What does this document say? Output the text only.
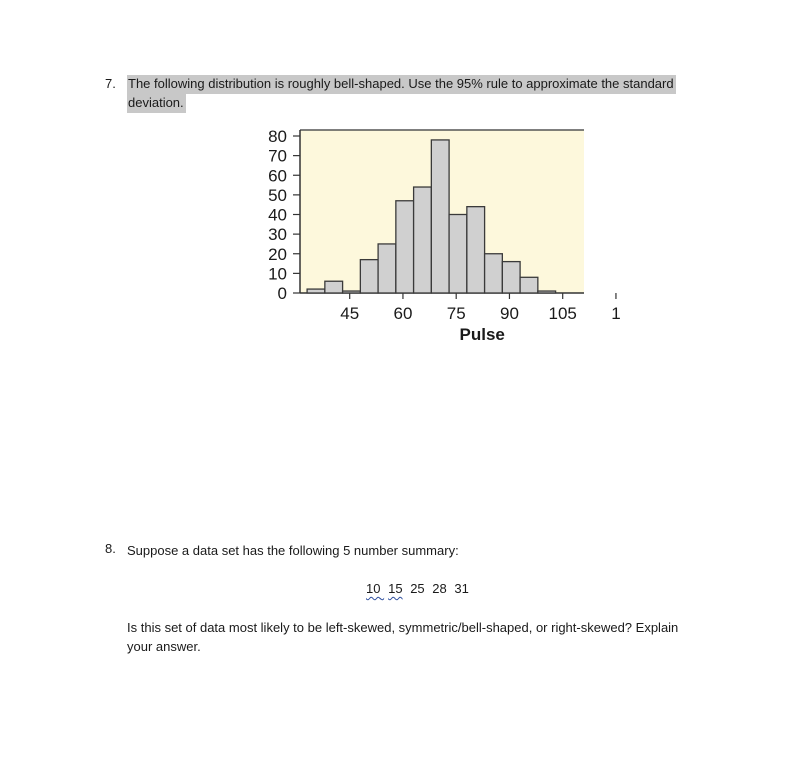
7. The following distribution is roughly bell-shaped. Use the 95% rule to approximate the standard deviation.
80
70
60
50
40
30
20
10
0
45 60 75 90 105 1
Pulse
8. Suppose a data set has the following 5 number summary:
10 15 25 28 31
Is this set of data most likely to be left-skewed, symmetric/bell-shaped, or right-skewed? Explain your answer.
